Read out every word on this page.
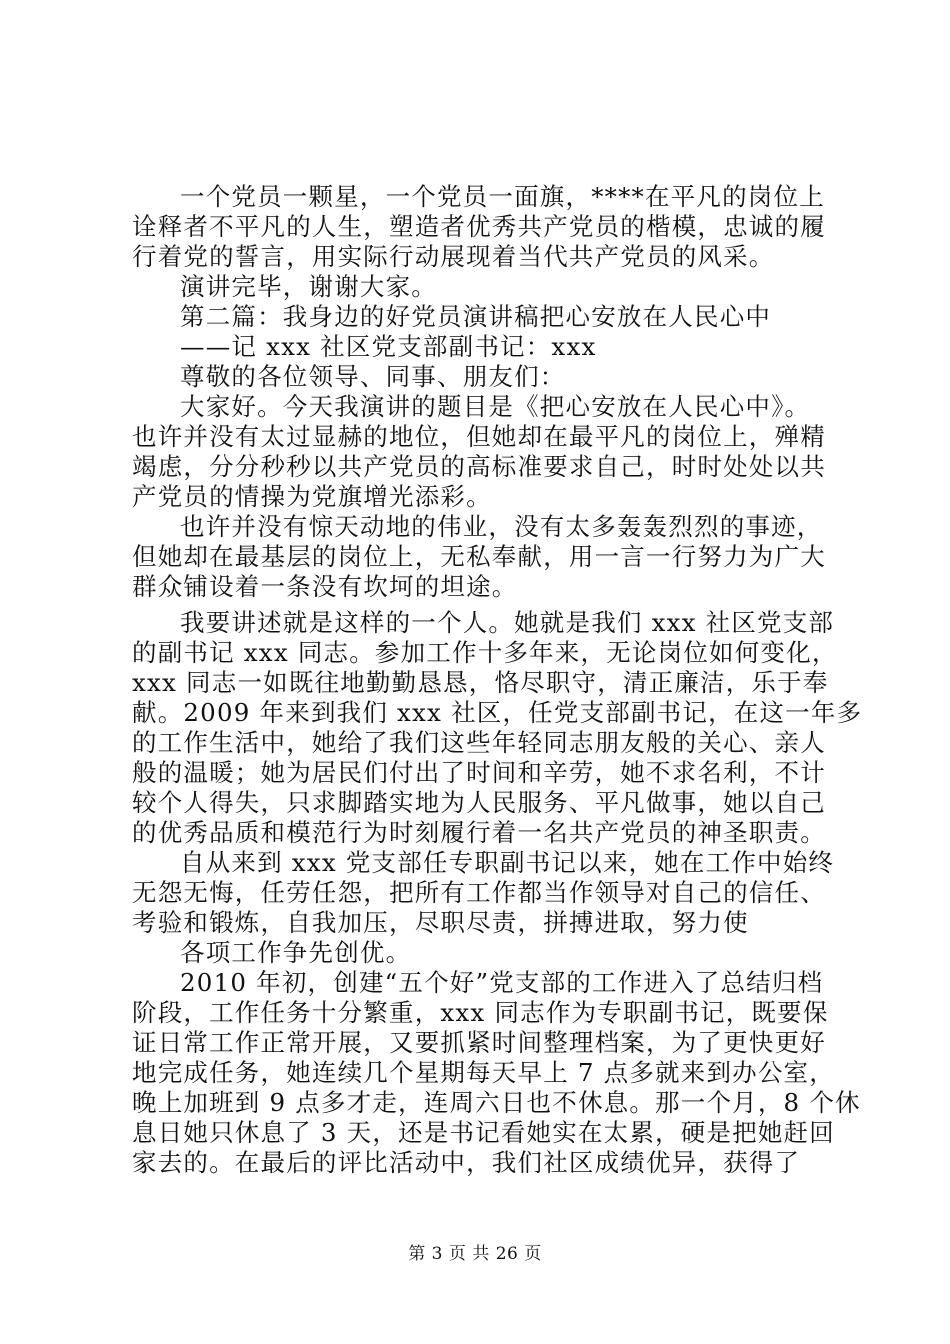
一个党员一颗星，一个党员一面旗，****在平凡的岗位上
诠释者不平凡的人生，塑造者优秀共产党员的楷模，忠诚的履
行着党的誓言，用实际行动展现着当代共产党员的风采。
演讲完毕，谢谢大家。
第二篇：我身边的好党员演讲稿把心安放在人民心中
——记 xxx 社区党支部副书记：xxx
尊敬的各位领导、同事、朋友们：
大家好。今天我演讲的题目是《把心安放在人民心中》。
也许并没有太过显赫的地位，但她却在最平凡的岗位上，殚精
竭虑，分分秒秒以共产党员的高标准要求自己，时时处处以共
产党员的情操为党旗增光添彩。
也许并没有惊天动地的伟业，没有太多轰轰烈烈的事迹，
但她却在最基层的岗位上，无私奉献，用一言一行努力为广大
群众铺设着一条没有坎坷的坦途。
我要讲述就是这样的一个人。她就是我们 xxx 社区党支部
的副书记 xxx 同志。参加工作十多年来，无论岗位如何变化，
xxx 同志一如既往地勤勤恳恳，恪尽职守，清正廉洁，乐于奉
献。2009 年来到我们 xxx 社区，任党支部副书记，在这一年多
的工作生活中，她给了我们这些年轻同志朋友般的关心、亲人
般的温暖；她为居民们付出了时间和辛劳，她不求名利，不计
较个人得失，只求脚踏实地为人民服务、平凡做事，她以自己
的优秀品质和模范行为时刻履行着一名共产党员的神圣职责。
自从来到 xxx 党支部任专职副书记以来，她在工作中始终
无怨无悔，任劳任怨，把所有工作都当作领导对自己的信任、
考验和锻炼，自我加压，尽职尽责，拼搏进取，努力使
各项工作争先创优。
2010 年初，创建“五个好”党支部的工作进入了总结归档
阶段，工作任务十分繁重，xxx 同志作为专职副书记，既要保
证日常工作正常开展，又要抓紧时间整理档案，为了更快更好
地完成任务，她连续几个星期每天早上 7 点多就来到办公室，
晚上加班到 9 点多才走，连周六日也不休息。那一个月，8 个休
息日她只休息了 3 天，还是书记看她实在太累，硬是把她赶回
家去的。在最后的评比活动中，我们社区成绩优异，获得了
第 3 页 共 26 页
